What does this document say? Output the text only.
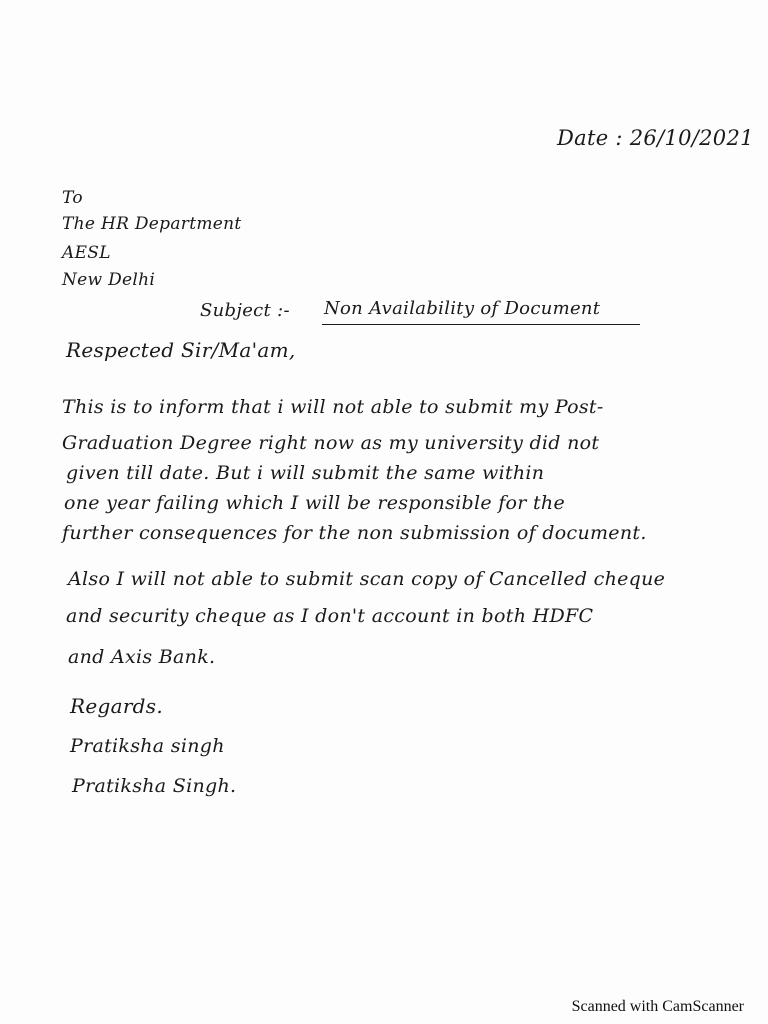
Date : 26/10/2021
To
The HR Department
AESL
New Delhi
Subject :- Non Availability of Document
Respected Sir/Ma'am,
This is to inform that i will not able to submit my Post-
Graduation Degree right now as my university did not
given till date. But i will submit the same within
one year failing which I will be responsible for the
further consequences for the non submission of document.
Also I will not able to submit scan copy of Cancelled cheque
and security cheque as I don't account in both HDFC
and Axis Bank.
Regards.
Pratiksha singh
Pratiksha Singh.
Scanned with CamScanner
